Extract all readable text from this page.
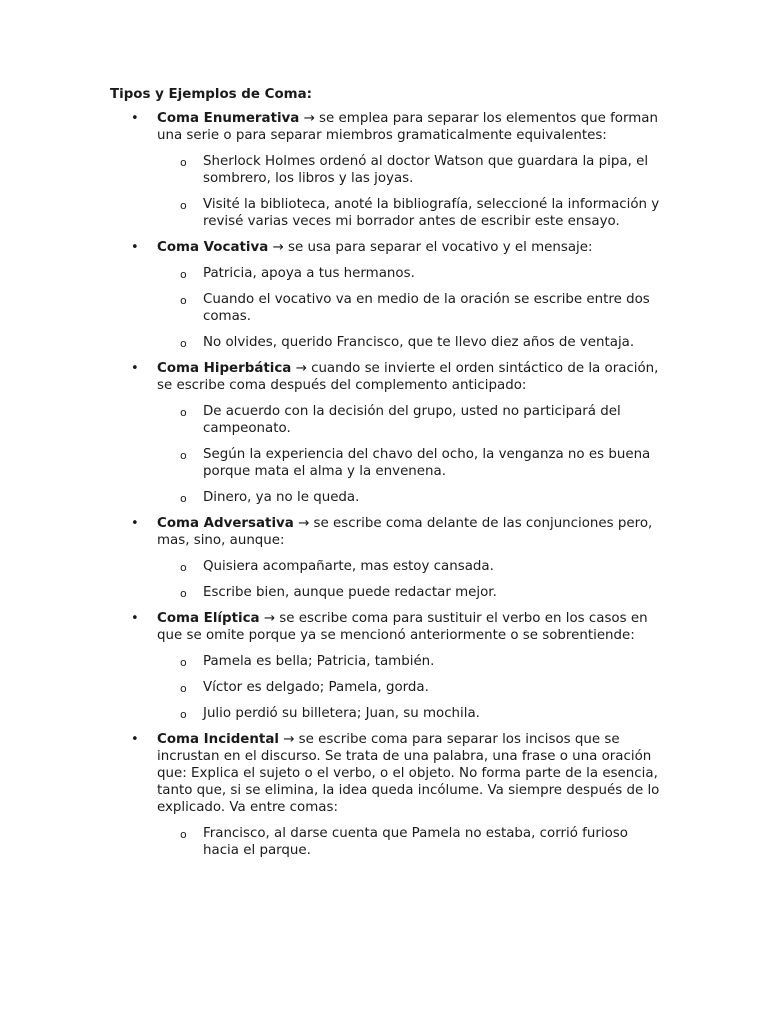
Tipos y Ejemplos de Coma:

• Coma Enumerativa → se emplea para separar los elementos que forman una serie o para separar miembros gramaticalmente equivalentes:
o Sherlock Holmes ordenó al doctor Watson que guardara la pipa, el sombrero, los libros y las joyas.
o Visité la biblioteca, anoté la bibliografía, seleccioné la información y revisé varias veces mi borrador antes de escribir este ensayo.
• Coma Vocativa → se usa para separar el vocativo y el mensaje:
o Patricia, apoya a tus hermanos.
o Cuando el vocativo va en medio de la oración se escribe entre dos comas.
o No olvides, querido Francisco, que te llevo diez años de ventaja.
• Coma Hiperbática → cuando se invierte el orden sintáctico de la oración, se escribe coma después del complemento anticipado:
o De acuerdo con la decisión del grupo, usted no participará del campeonato.
o Según la experiencia del chavo del ocho, la venganza no es buena porque mata el alma y la envenena.
o Dinero, ya no le queda.
• Coma Adversativa → se escribe coma delante de las conjunciones pero, mas, sino, aunque:
o Quisiera acompañarte, mas estoy cansada.
o Escribe bien, aunque puede redactar mejor.
• Coma Elíptica → se escribe coma para sustituir el verbo en los casos en que se omite porque ya se mencionó anteriormente o se sobrentiende:
o Pamela es bella; Patricia, también.
o Víctor es delgado; Pamela, gorda.
o Julio perdió su billetera; Juan, su mochila.
• Coma Incidental → se escribe coma para separar los incisos que se incrustan en el discurso. Se trata de una palabra, una frase o una oración que: Explica el sujeto o el verbo, o el objeto. No forma parte de la esencia, tanto que, si se elimina, la idea queda incólume. Va siempre después de lo explicado. Va entre comas:
o Francisco, al darse cuenta que Pamela no estaba, corrió furioso hacia el parque.
